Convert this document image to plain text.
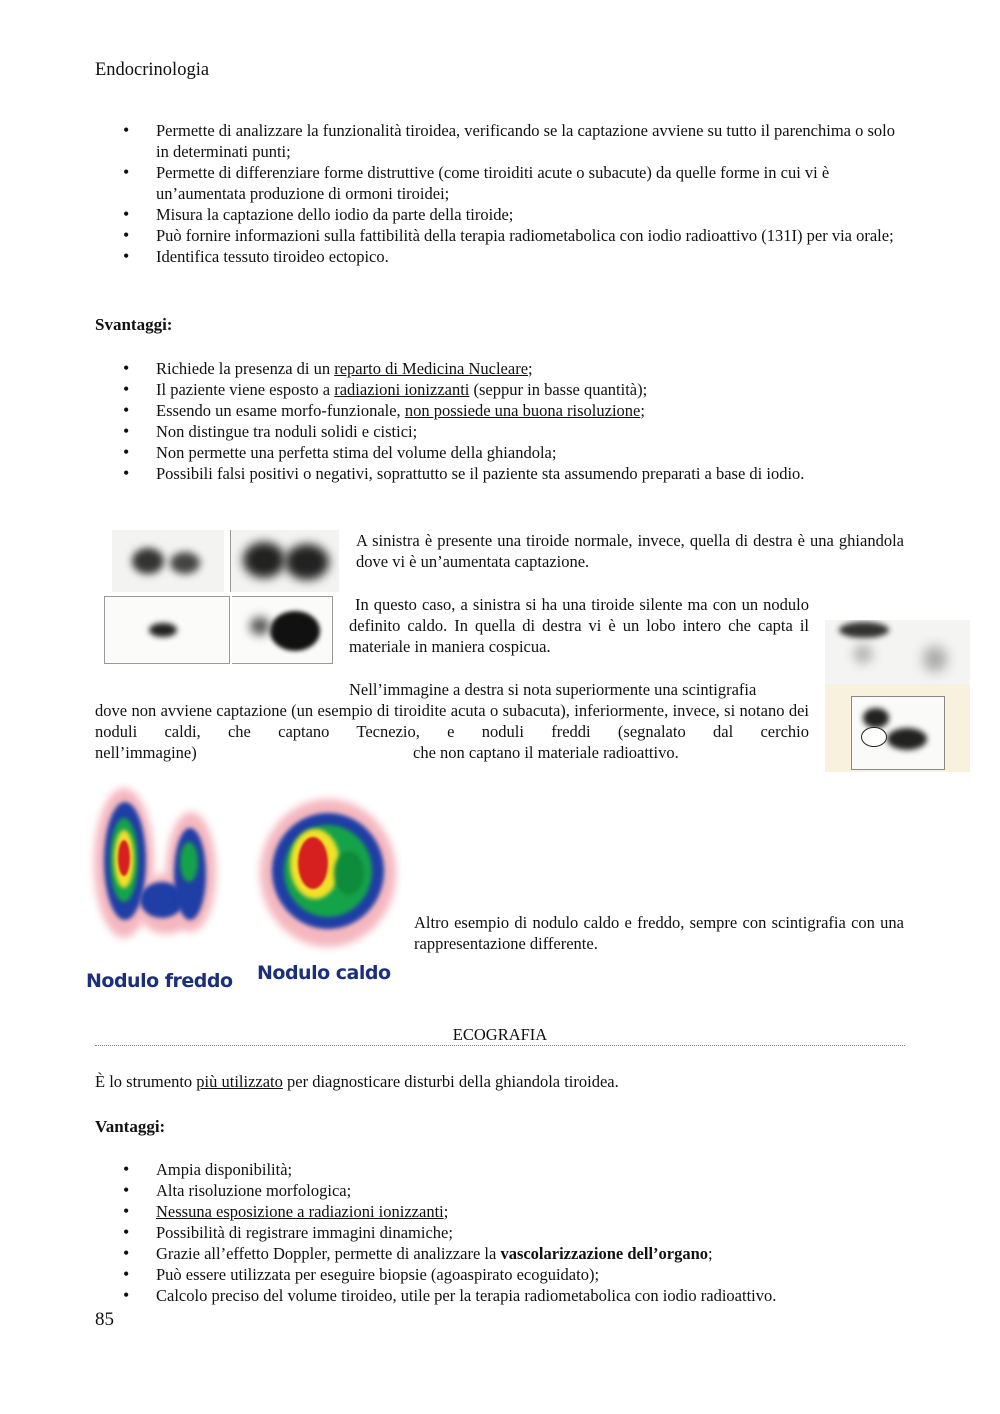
Endocrinologia
• Permette di analizzare la funzionalità tiroidea, verificando se la captazione avviene su tutto il parenchima o solo in determinati punti;
• Permette di differenziare forme distruttive (come tiroiditi acute o subacute) da quelle forme in cui vi è un’aumentata produzione di ormoni tiroidei;
• Misura la captazione dello iodio da parte della tiroide;
• Può fornire informazioni sulla fattibilità della terapia radiometabolica con iodio radioattivo (131I) per via orale;
• Identifica tessuto tiroideo ectopico.
Svantaggi:
• Richiede la presenza di un reparto di Medicina Nucleare;
• Il paziente viene esposto a radiazioni ionizzanti (seppur in basse quantità);
• Essendo un esame morfo-funzionale, non possiede una buona risoluzione;
• Non distingue tra noduli solidi e cistici;
• Non permette una perfetta stima del volume della ghiandola;
• Possibili falsi positivi o negativi, soprattutto se il paziente sta assumendo preparati a base di iodio.
A sinistra è presente una tiroide normale, invece, quella di destra è una ghiandola dove vi è un’aumentata captazione.
In questo caso, a sinistra si ha una tiroide silente ma con un nodulo definito caldo. In quella di destra vi è un lobo intero che capta il materiale in maniera cospicua.
Nell’immagine a destra si nota superiormente una scintigrafia
dove non avviene captazione (un esempio di tiroidite acuta o subacuta), inferiormente, invece, si notano dei noduli caldi, che captano Tecnezio, e noduli freddi (segnalato dal cerchio
nell’immagine)	che non captano il materiale radioattivo.
Nodulo freddo Nodulo caldo
Altro esempio di nodulo caldo e freddo, sempre con scintigrafia con una rappresentazione differente.
ECOGRAFIA
È lo strumento più utilizzato per diagnosticare disturbi della ghiandola tiroidea.
Vantaggi:
• Ampia disponibilità;
• Alta risoluzione morfologica;
• Nessuna esposizione a radiazioni ionizzanti;
• Possibilità di registrare immagini dinamiche;
• Grazie all’effetto Doppler, permette di analizzare la vascolarizzazione dell’organo;
• Può essere utilizzata per eseguire biopsie (agoaspirato ecoguidato);
• Calcolo preciso del volume tiroideo, utile per la terapia radiometabolica con iodio radioattivo.
85
